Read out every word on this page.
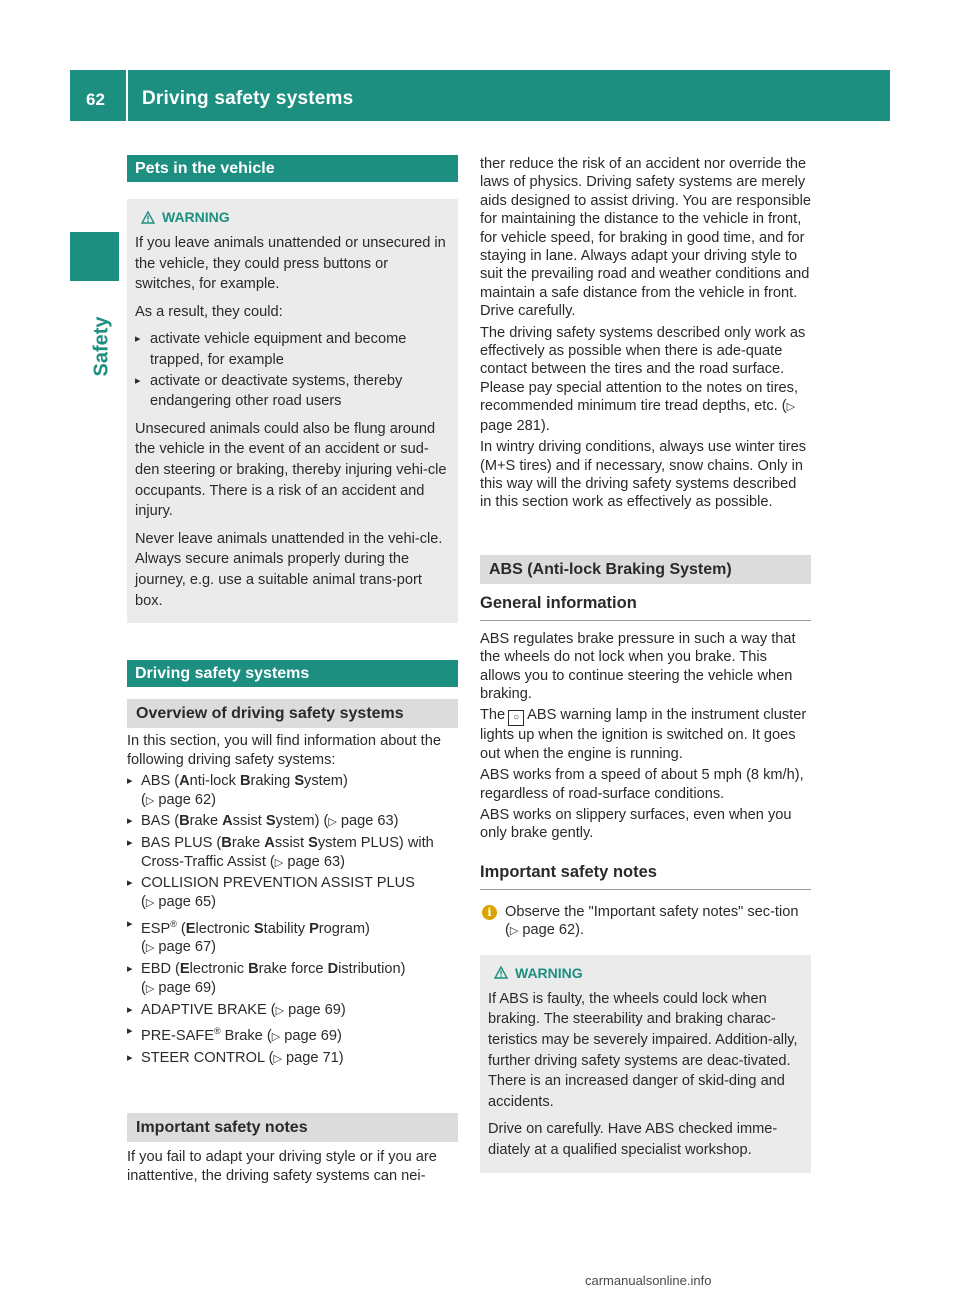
62 Driving safety systems
Safety
Pets in the vehicle
WARNING

If you leave animals unattended or unsecured in the vehicle, they could press buttons or switches, for example.

As a result, they could:

▸ activate vehicle equipment and become trapped, for example
▸ activate or deactivate systems, thereby endangering other road users

Unsecured animals could also be flung around the vehicle in the event of an accident or sud-den steering or braking, thereby injuring vehi-cle occupants. There is a risk of an accident and injury.

Never leave animals unattended in the vehi-cle. Always secure animals properly during the journey, e.g. use a suitable animal trans-port box.

Driving safety systems
Overview of driving safety systems

In this section, you will find information about the following driving safety systems:

▸ ABS (Anti-lock Braking System)
(▷ page 62)
▸ BAS (Brake Assist System) (▷ page 63)
▸ BAS PLUS (Brake Assist System PLUS) with Cross-Traffic Assist (▷ page 63)
▸ COLLISION PREVENTION ASSIST PLUS
(▷ page 65)
▸ ESP® (Electronic Stability Program)
(▷ page 67)
▸ EBD (Electronic Brake force Distribution)
(▷ page 69)
▸ ADAPTIVE BRAKE (▷ page 69)
▸ PRE-SAFE® Brake (▷ page 69)
▸ STEER CONTROL (▷ page 71)
Important safety notes

If you fail to adapt your driving style or if you are inattentive, the driving safety systems can nei-

ther reduce the risk of an accident nor override the laws of physics. Driving safety systems are merely aids designed to assist driving. You are responsible for maintaining the distance to the vehicle in front, for vehicle speed, for braking in good time, and for staying in lane. Always adapt your driving style to suit the prevailing road and weather conditions and maintain a safe distance from the vehicle in front. Drive carefully.

The driving safety systems described only work as effectively as possible when there is ade-quate contact between the tires and the road surface. Please pay special attention to the notes on tires, recommended minimum tire tread depths, etc. (▷ page 281).

In wintry driving conditions, always use winter tires (M+S tires) and if necessary, snow chains. Only in this way will the driving safety systems described in this section work as effectively as possible.

ABS (Anti-lock Braking System)
General information

ABS regulates brake pressure in such a way that the wheels do not lock when you brake. This allows you to continue steering the vehicle when braking.

The ○ ABS warning lamp in the instrument cluster lights up when the ignition is switched on. It goes out when the engine is running.

ABS works from a speed of about 5 mph (8 km/h), regardless of road-surface conditions.

ABS works on slippery surfaces, even when you only brake gently.

Important safety notes
i Observe the "Important safety notes" sec-tion (▷ page 62).
WARNING

If ABS is faulty, the wheels could lock when braking. The steerability and braking charac-teristics may be severely impaired. Addition-ally, further driving safety systems are deac-tivated. There is an increased danger of skid-ding and accidents.

Drive on carefully. Have ABS checked imme-diately at a qualified specialist workshop.

carmanualsonline.info
